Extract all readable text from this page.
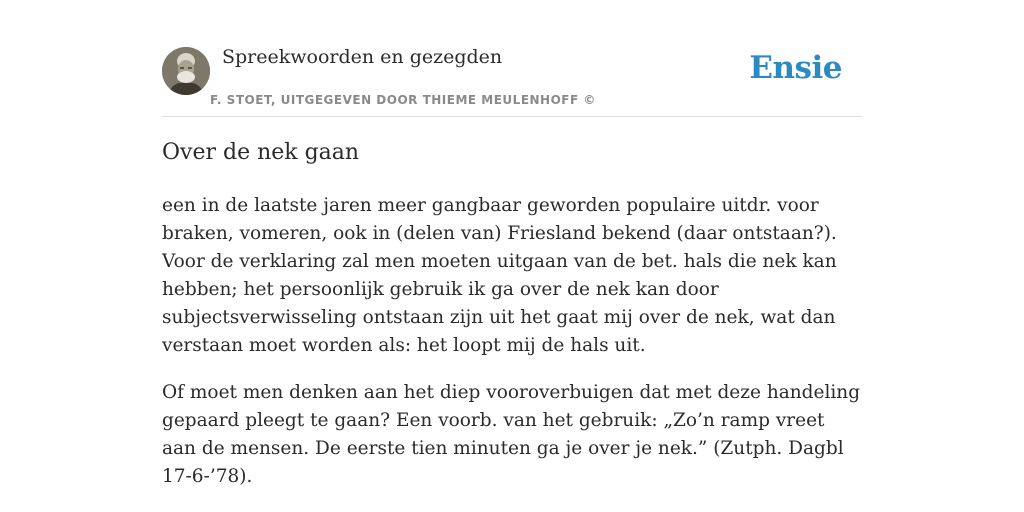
Spreekwoorden en gezegden
F. STOET, UITGEGEVEN DOOR THIEME MEULENHOFF ©
Ensie
Over de nek gaan

een in de laatste jaren meer gangbaar geworden populaire uitdr. voor braken, vomeren, ook in (delen van) Friesland bekend (daar ontstaan?). Voor de verklaring zal men moeten uitgaan van de bet. hals die nek kan hebben; het persoonlijk gebruik ik ga over de nek kan door subjectsverwisseling ontstaan zijn uit het gaat mij over de nek, wat dan verstaan moet worden als: het loopt mij de hals uit.

Of moet men denken aan het diep vooroverbuigen dat met deze handeling gepaard pleegt te gaan? Een voorb. van het gebruik: „Zo’n ramp vreet aan de mensen. De eerste tien minuten ga je over je nek.” (Zutph. Dagbl 17-6-’78).
